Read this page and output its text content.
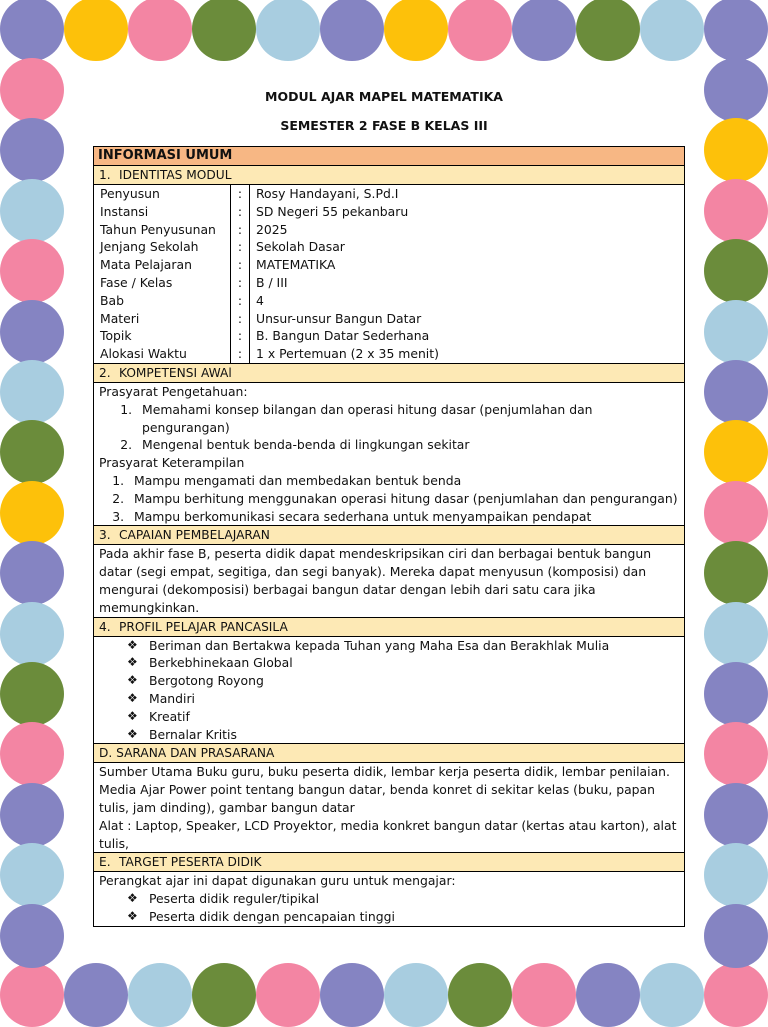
MODUL AJAR MAPEL MATEMATIKA
SEMESTER 2 FASE B KELAS III
INFORMASI UMUM
1. IDENTITAS MODUL
Penyusun	:	Rosy Handayani, S.Pd.I
Instansi	:	SD Negeri 55 pekanbaru
Tahun Penyusunan	:	2025
Jenjang Sekolah	:	Sekolah Dasar
Mata Pelajaran	:	MATEMATIKA
Fase / Kelas	:	B / III
Bab	:	4
Materi	:	Unsur-unsur Bangun Datar
Topik	:	B. Bangun Datar Sederhana
Alokasi Waktu	:	1 x Pertemuan (2 x 35 menit)
2. KOMPETENSI AWAl
Prasyarat Pengetahuan:
1. Memahami konsep bilangan dan operasi hitung dasar (penjumlahan dan pengurangan)
2. Mengenal bentuk benda-benda di lingkungan sekitar
Prasyarat Keterampilan
1. Mampu mengamati dan membedakan bentuk benda
2. Mampu berhitung menggunakan operasi hitung dasar (penjumlahan dan pengurangan)
3. Mampu berkomunikasi secara sederhana untuk menyampaikan pendapat
3. CAPAIAN PEMBELAJARAN
Pada akhir fase B, peserta didik dapat mendeskripsikan ciri dan berbagai bentuk bangun datar (segi empat, segitiga, dan segi banyak). Mereka dapat menyusun (komposisi) dan mengurai (dekomposisi) berbagai bangun datar dengan lebih dari satu cara jika memungkinkan.
4. PROFIL PELAJAR PANCASILA
❖ Beriman dan Bertakwa kepada Tuhan yang Maha Esa dan Berakhlak Mulia
❖ Berkebhinekaan Global
❖ Bergotong Royong
❖ Mandiri
❖ Kreatif
❖ Bernalar Kritis
D. SARANA DAN PRASARANA
Sumber Utama Buku guru, buku peserta didik, lembar kerja peserta didik, lembar penilaian.
Media Ajar Power point tentang bangun datar, benda konret di sekitar kelas (buku, papan tulis, jam dinding), gambar bangun datar
Alat : Laptop, Speaker, LCD Proyektor, media konkret bangun datar (kertas atau karton), alat tulis,
E. TARGET PESERTA DIDIK
Perangkat ajar ini dapat digunakan guru untuk mengajar:
❖ Peserta didik reguler/tipikal
❖ Peserta didik dengan pencapaian tinggi
